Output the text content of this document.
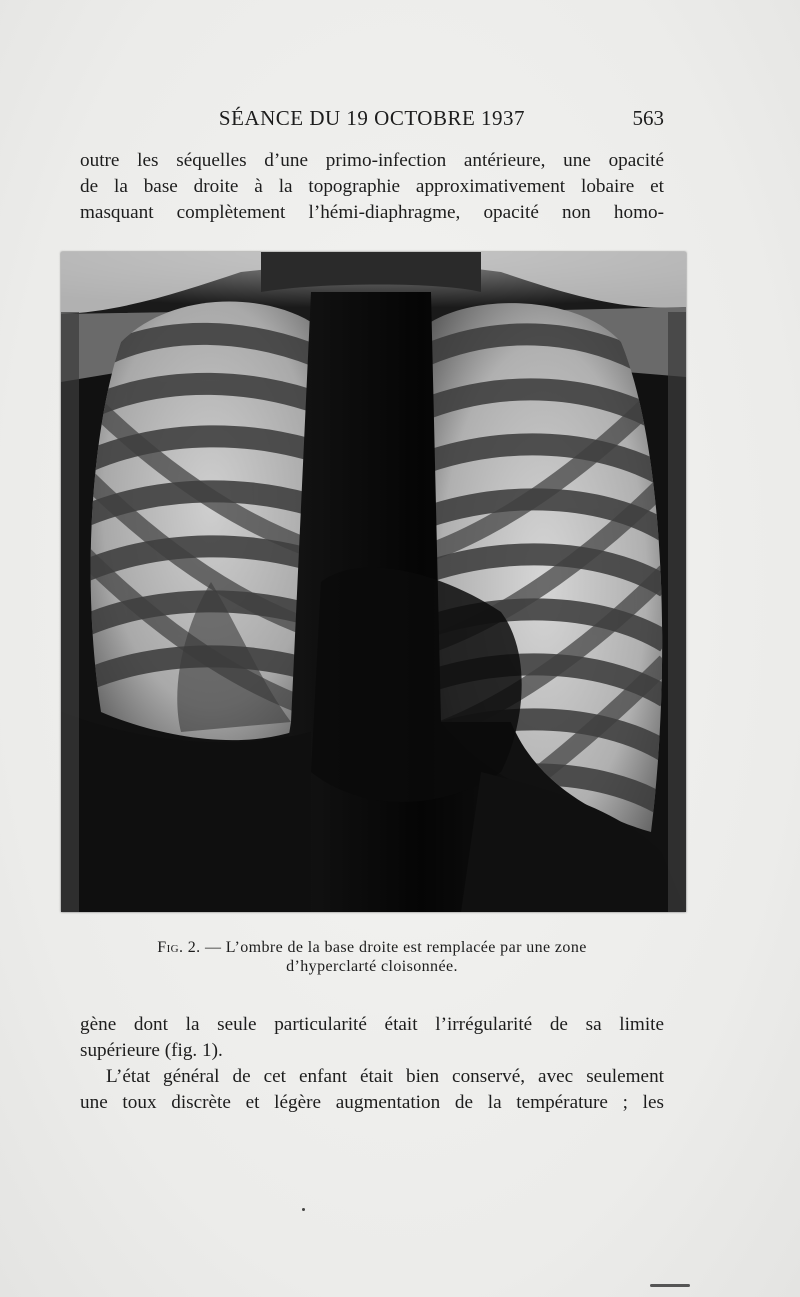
SÉANCE DU 19 OCTOBRE 1937	563
outre les séquelles d’une primo-infection antérieure, une opacité
de la base droite à la topographie approximativement lobaire et
masquant complètement l’hémi-diaphragme, opacité non homo-
Fig. 2. — L’ombre de la base droite est remplacée par une zone
d’hyperclarté cloisonnée.
gène dont la seule particularité était l’irrégularité de sa limite
supérieure (fig. 1).
L’état général de cet enfant était bien conservé, avec seulement
une toux discrète et légère augmentation de la température ; les
